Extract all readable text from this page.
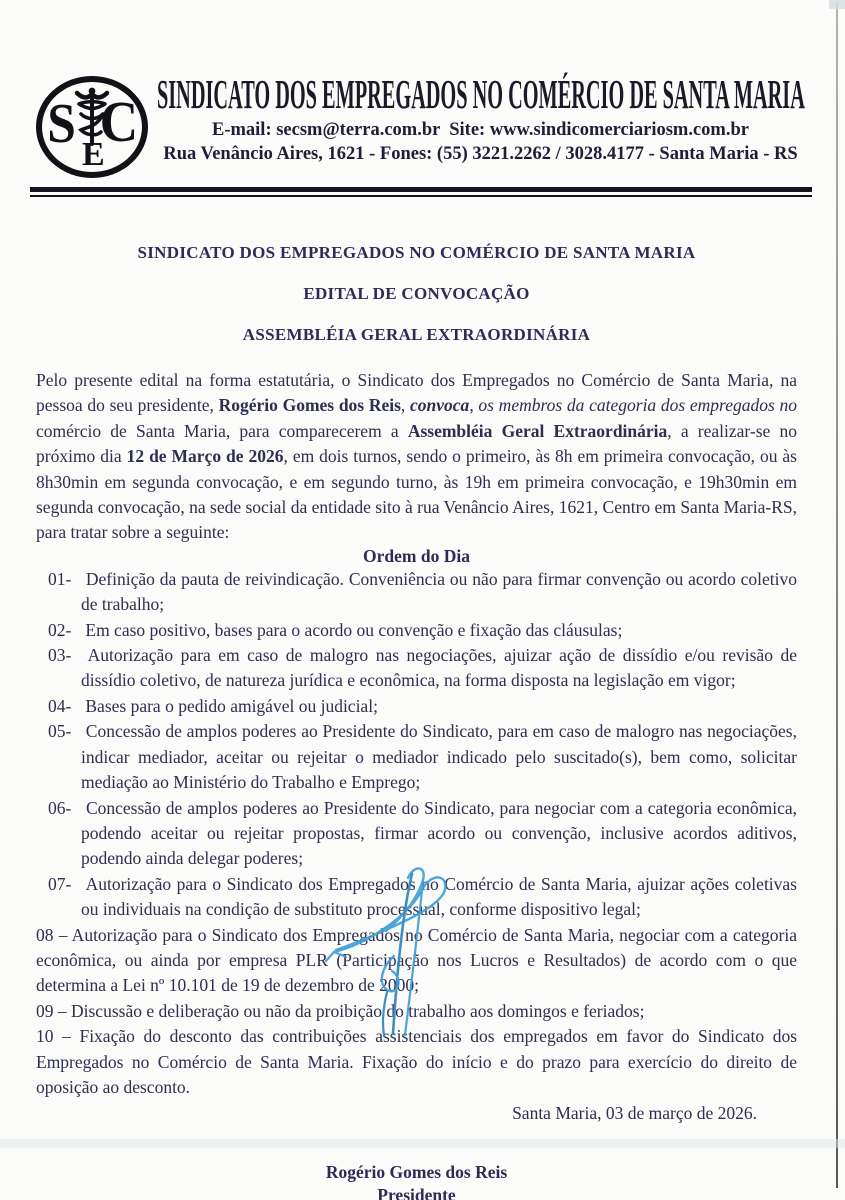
S E
C SINDICATO DOS EMPREGADOS NO COMÉRCIO DE SANTA MARIA
E-mail: secsm@terra.com.br  Site: www.sindicomerciariosm.com.br
Rua Venâncio Aires, 1621 - Fones: (55) 3221.2262 / 3028.4177 - Santa Maria - RS
SINDICATO DOS EMPREGADOS NO COMÉRCIO DE SANTA MARIA
EDITAL DE CONVOCAÇÃO
ASSEMBLÉIA GERAL EXTRAORDINÁRIA

Pelo presente edital na forma estatutária, o Sindicato dos Empregados no Comércio de Santa Maria, na pessoa do seu presidente, Rogério Gomes dos Reis, convoca, os membros da categoria dos empregados no comércio de Santa Maria, para comparecerem a Assembléia Geral Extraordinária, a realizar-se no próximo dia 12 de Março de 2026, em dois turnos, sendo o primeiro, às 8h em primeira convocação, ou às 8h30min em segunda convocação, e em segundo turno, às 19h em primeira convocação, e 19h30min em segunda convocação, na sede social da entidade sito à rua Venâncio Aires, 1621, Centro em Santa Maria-RS, para tratar sobre a seguinte:

Ordem do Dia

01- Definição da pauta de reivindicação. Conveniência ou não para firmar convenção ou acordo coletivo de trabalho;

02- Em caso positivo, bases para o acordo ou convenção e fixação das cláusulas;

03- Autorização para em caso de malogro nas negociações, ajuizar ação de dissídio e/ou revisão de dissídio coletivo, de natureza jurídica e econômica, na forma disposta na legislação em vigor;

04- Bases para o pedido amigável ou judicial;

05- Concessão de amplos poderes ao Presidente do Sindicato, para em caso de malogro nas negociações, indicar mediador, aceitar ou rejeitar o mediador indicado pelo suscitado(s), bem como, solicitar mediação ao Ministério do Trabalho e Emprego;

06- Concessão de amplos poderes ao Presidente do Sindicato, para negociar com a categoria econômica, podendo aceitar ou rejeitar propostas, firmar acordo ou convenção, inclusive acordos aditivos, podendo ainda delegar poderes;

07- Autorização para o Sindicato dos Empregados no Comércio de Santa Maria, ajuizar ações coletivas ou individuais na condição de substituto processual, conforme dispositivo legal;

08 – Autorização para o Sindicato dos Empregados no Comércio de Santa Maria, negociar com a categoria econômica, ou ainda por empresa PLR (Participação nos Lucros e Resultados) de acordo com o que determina a Lei nº 10.101 de 19 de dezembro de 2000;

09 – Discussão e deliberação ou não da proibição do trabalho aos domingos e feriados;

10 – Fixação do desconto das contribuições assistenciais dos empregados em favor do Sindicato dos Empregados no Comércio de Santa Maria. Fixação do início e do prazo para exercício do direito de oposição ao desconto.

Santa Maria, 03 de março de 2026.

Rogério Gomes dos Reis
Presidente
